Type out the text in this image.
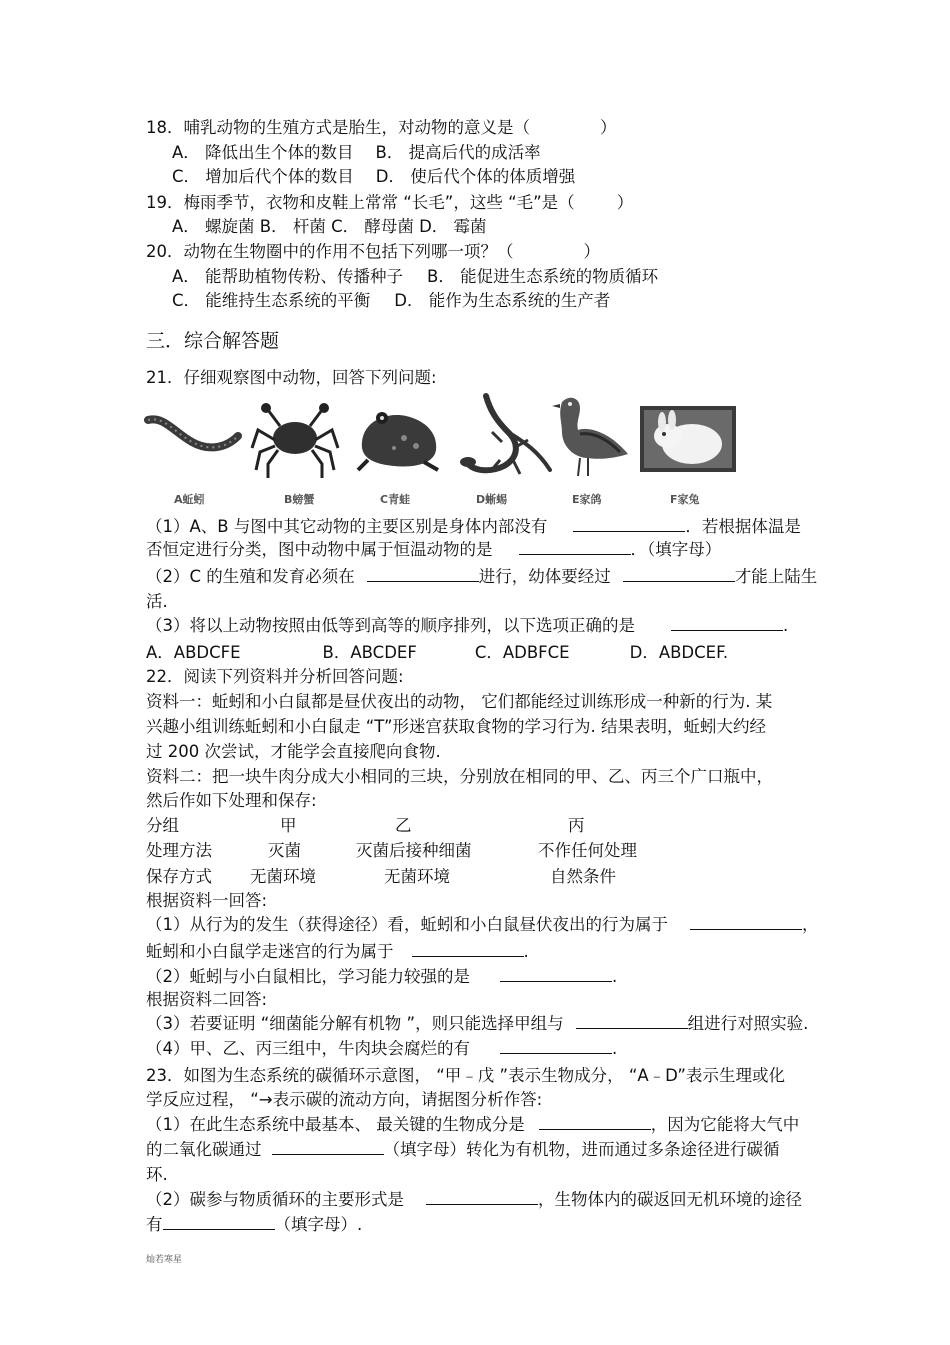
18．哺乳动物的生殖方式是胎生，对动物的意义是（	）
A． 降低出生个体的数目 B． 提高后代的成活率
C． 增加后代个体的数目 D． 使后代个体的体质增强
19．梅雨季节，衣物和皮鞋上常常 “长毛”，这些 “毛”是（	）
A． 螺旋菌 B． 杆菌 C． 酵母菌 D． 霉菌
20．动物在生物圈中的作用不包括下列哪一项？（	）
A． 能帮助植物传粉、传播种子 B． 能促进生态系统的物质循环
C． 能维持生态系统的平衡 D． 能作为生态系统的生产者
三．综合解答题
21．仔细观察图中动物，回答下列问题:
A蚯蚓	B螃蟹	C青蛙	D蜥蜴	E家鸽	F家兔
（1）A、B 与图中其它动物的主要区别是身体内部没有	．若根据体温是
否恒定进行分类，图中动物中属于恒温动物的是	．（填字母）
（2）C 的生殖和发育必须在	进行，幼体要经过	才能上陆生
活.
（3）将以上动物按照由低等到高等的顺序排列，以下选项正确的是	.
A．ABDCFE	B．ABCDEF	C．ADBFCE	D．ABDCEF.
22．阅读下列资料并分析回答问题:
资料一：蚯蚓和小白鼠都是昼伏夜出的动物， 它们都能经过训练形成一种新的行为. 某
兴趣小组训练蚯蚓和小白鼠走 “T”形迷宫获取食物的学习行为. 结果表明，蚯蚓大约经
过 200 次尝试，才能学会直接爬向食物.
资料二：把一块牛肉分成大小相同的三块，分别放在相同的甲、乙、丙三个广口瓶中，
然后作如下处理和保存:
分组	甲	乙	丙
处理方法	灭菌	灭菌后接种细菌	不作任何处理
保存方式 无菌环境	无菌环境	自然条件
根据资料一回答:
（1）从行为的发生（获得途径）看，蚯蚓和小白鼠昼伏夜出的行为属于	，
蚯蚓和小白鼠学走迷宫的行为属于	.
（2）蚯蚓与小白鼠相比，学习能力较强的是	.
根据资料二回答:
（3）若要证明 “细菌能分解有机物 ”，则只能选择甲组与	组进行对照实验.
（4）甲、乙、丙三组中，牛肉块会腐烂的有	.
23．如图为生态系统的碳循环示意图， “甲﹣戊 ”表示生物成分， “A﹣D”表示生理或化
学反应过程， “→表示碳的流动方向，请据图分析作答:
（1）在此生态系统中最基本、 最关键的生物成分是	，因为它能将大气中
的二氧化碳通过	（填字母）转化为有机物，进而通过多条途径进行碳循
环.
（2）碳参与物质循环的主要形式是	，生物体内的碳返回无机环境的途径
有	（填字母）.
灿若寒星
